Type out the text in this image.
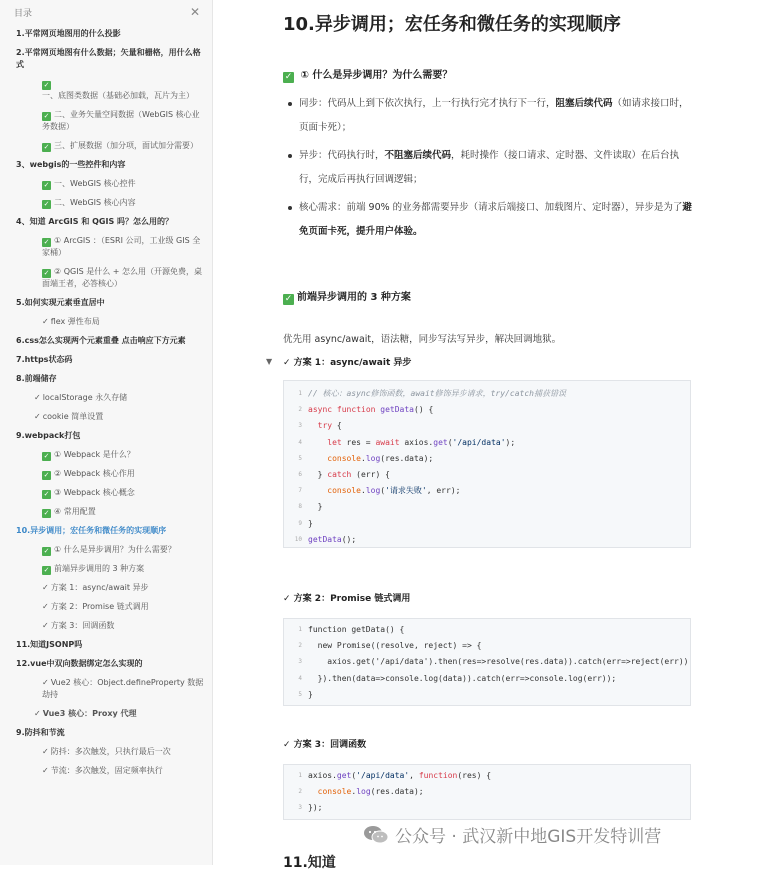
目录	✕
1.平常网页地图用的什么投影
2.平常网页地图有什么数据；矢量和栅格，用什么格式
✓一、底图类数据（基础必加载，瓦片为主）
✓ 二、业务矢量空间数据（WebGIS 核心业务数据）
✓ 三、扩展数据（加分项，面试加分需要）
3、webgis的一些控件和内容
✓ 一、WebGIS 核心控件
✓ 二、WebGIS 核心内容
4、知道 ArcGIS 和 QGIS 吗？怎么用的？
✓ ① ArcGIS ：（ESRI 公司，工业级 GIS 全家桶）
✓ ② QGIS 是什么 + 怎么用（开源免费，桌面端王者，必答核心）
5.如何实现元素垂直居中
✓ flex 弹性布局
6.css怎么实现两个元素重叠 点击响应下方元素
7.https状态码
8.前端储存
✓ localStorage 永久存储
✓ cookie 简单设置
9.webpack打包
✓ ① Webpack 是什么？
✓ ② Webpack 核心作用
✓ ③ Webpack 核心概念
✓ ④ 常用配置
10.异步调用；宏任务和微任务的实现顺序
✓ ① 什么是异步调用？为什么需要？
✓ 前端异步调用的 3 种方案
✓ 方案 1：async/await 异步
✓ 方案 2：Promise 链式调用
✓ 方案 3：回调函数
11.知道JSONP吗
12.vue中双向数据绑定怎么实现的
✓ Vue2 核心：Object.defineProperty 数据劫持
✓ Vue3 核心：Proxy 代理
9.防抖和节流
✓ 防抖：多次触发，只执行最后一次
✓ 节流：多次触发，固定频率执行
10.异步调用；宏任务和微任务的实现顺序
✓ ① 什么是异步调用？为什么需要？
同步：代码从上到下依次执行，上一行执行完才执行下一行，阻塞后续代码（如请求接口时，页面卡死）；
异步：代码执行时，不阻塞后续代码，耗时操作（接口请求、定时器、文件读取）在后台执行，完成后再执行回调逻辑；
核心需求：前端 90% 的业务都需要异步（请求后端接口、加载图片、定时器），异步是为了避免页面卡死，提升用户体验。
✓ 前端异步调用的 3 种方案
优先用 async/await，语法糖，同步写法写异步，解决回调地狱。
▼ ✓ 方案 1：async/await 异步
1 // 核心：async修饰函数，await修饰异步请求，try/catch捕获错误
2 async function getData() {
3	try {
4	let res = await axios.get('/api/data');
5	console.log(res.data);
6 } catch (err) {
7	console.log('请求失败', err);
8 }
9 }
10 getData();
✓ 方案 2：Promise 链式调用
1 function getData() {
2 new Promise((resolve, reject) => {
3 axios.get('/api/data').then(res=>resolve(res.data)).catch(err=>reject(err))
4 }).then(data=>console.log(data)).catch(err=>console.log(err));
5 }
✓ 方案 3：回调函数
1 axios.get('/api/data', function(res) {
2	console.log(res.data);
3 });
11.知道
公众号 · 武汉新中地GIS开发特训营
